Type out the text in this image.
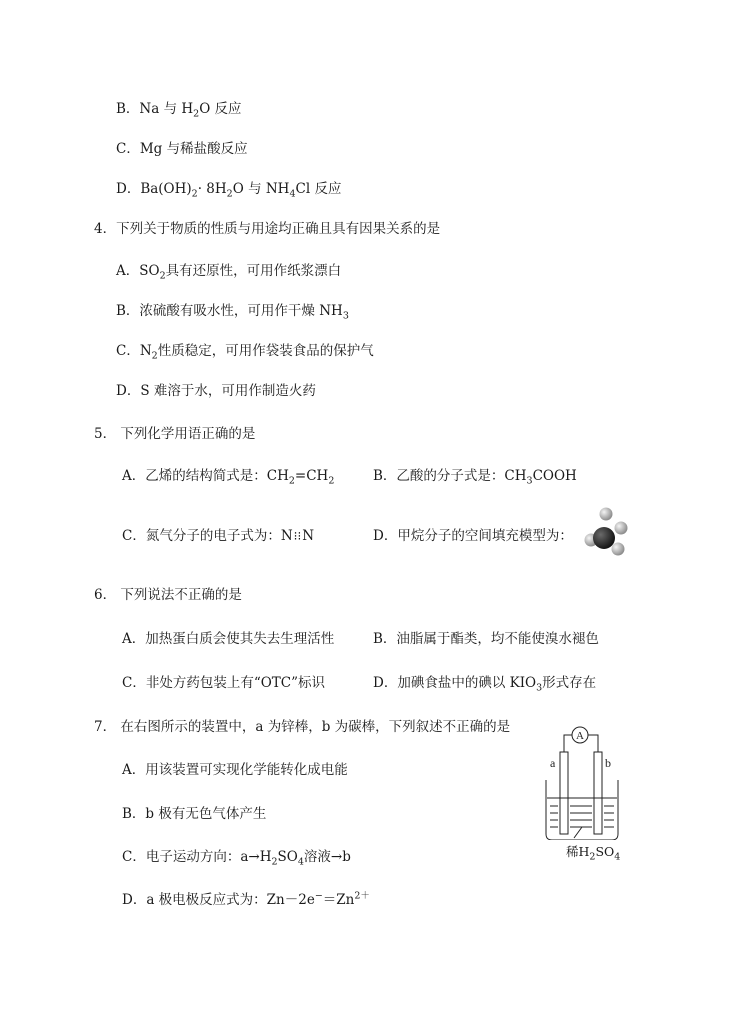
B．Na 与 $H_2O$ 反应
C．Mg 与稀盐酸反应
D．$Ba(OH)_2\cdot 8H_2O$ 与 $NH_4Cl$ 反应
4．下列关于物质的性质与用途均正确且具有因果关系的是
A．$SO_2$具有还原性，可用作纸浆漂白
B．浓硫酸有吸水性，可用作干燥 $NH_3$
C．$N_2$性质稳定，可用作袋装食品的保护气
D．S 难溶于水，可用作制造火药
5． 下列化学用语正确的是
A．乙烯的结构简式是：$CH_2=CH_2$	B．乙酸的分子式是：$CH_3COOH$
C．氮气分子的电子式为：N⁝⁝N	D．甲烷分子的空间填充模型为：
6． 下列说法不正确的是
A．加热蛋白质会使其失去生理活性	B．油脂属于酯类，均不能使溴水褪色
C．非处方药包装上有“OTC”标识	D．加碘食盐中的碘以 $KIO_3$形式存在
7． 在右图所示的装置中，a 为锌棒，b 为碳棒，下列叙述不正确的是
A．用该装置可实现化学能转化成电能
B．b 极有无色气体产生
C．电子运动方向：$a\to H_2SO_4$溶液→b
D．a 极电极反应式为：$Zn-2e^-=Zn^{2+}$
A
a	b
稀$H_2SO_4$
